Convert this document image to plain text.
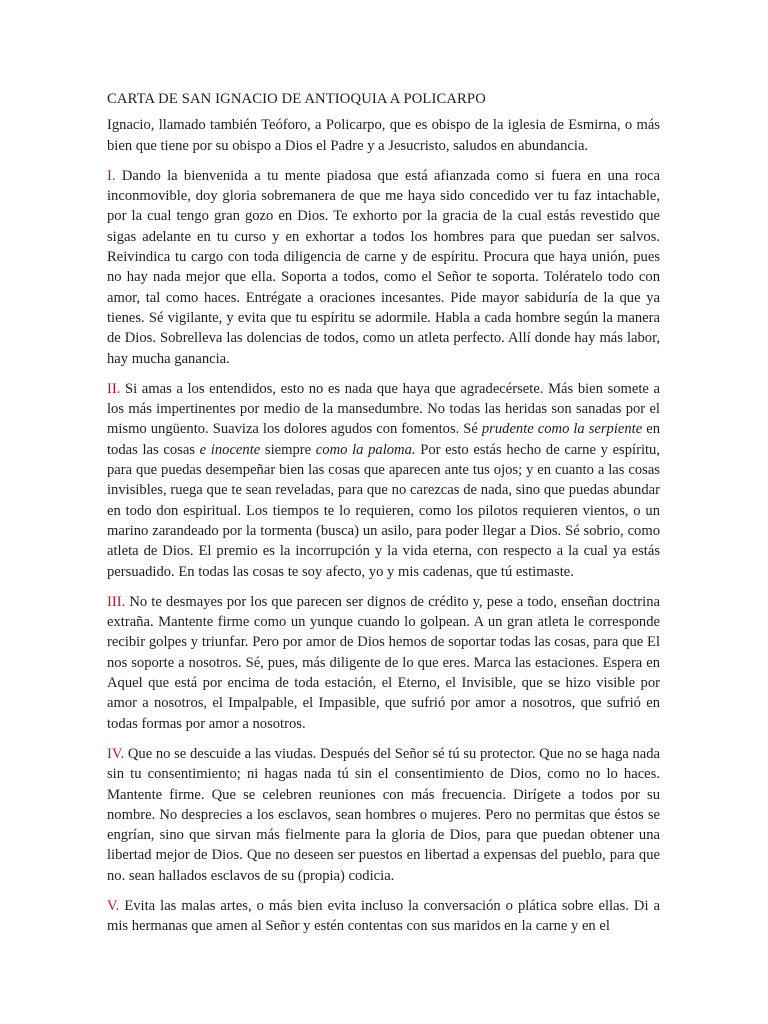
CARTA DE SAN IGNACIO DE ANTIOQUIA A POLICARPO

Ignacio, llamado también Teóforo, a Policarpo, que es obispo de la iglesia de Esmirna, o más bien que tiene por su obispo a Dios el Padre y a Jesucristo, saludos en abundancia.

I. Dando la bienvenida a tu mente piadosa que está afianzada como si fuera en una roca inconmovible, doy gloria sobremanera de que me haya sido concedido ver tu faz intachable, por la cual tengo gran gozo en Dios. Te exhorto por la gracia de la cual estás revestido que sigas adelante en tu curso y en exhortar a todos los hombres para que puedan ser salvos. Reivindica tu cargo con toda diligencia de carne y de espíritu. Procura que haya unión, pues no hay nada mejor que ella. Soporta a todos, como el Señor te soporta. Tolératelo todo con amor, tal como haces. Entrégate a oraciones incesantes. Pide mayor sabiduría de la que ya tienes. Sé vigilante, y evita que tu espíritu se adormile. Habla a cada hombre según la manera de Dios. Sobrelleva las dolencias de todos, como un atleta perfecto. Allí donde hay más labor, hay mucha ganancia.

II. Si amas a los entendidos, esto no es nada que haya que agradecérsete. Más bien somete a los más impertinentes por medio de la mansedumbre. No todas las heridas son sanadas por el mismo ungüento. Suaviza los dolores agudos con fomentos. Sé prudente como la serpiente en todas las cosas e inocente siempre como la paloma. Por esto estás hecho de carne y espíritu, para que puedas desempeñar bien las cosas que aparecen ante tus ojos; y en cuanto a las cosas invisibles, ruega que te sean reveladas, para que no carezcas de nada, sino que puedas abundar en todo don espiritual. Los tiempos te lo requieren, como los pilotos requieren vientos, o un marino zarandeado por la tormenta (busca) un asilo, para poder llegar a Dios. Sé sobrio, como atleta de Dios. El premio es la incorrupción y la vida eterna, con respecto a la cual ya estás persuadido. En todas las cosas te soy afecto, yo y mis cadenas, que tú estimaste.

III. No te desmayes por los que parecen ser dignos de crédito y, pese a todo, enseñan doctrina extraña. Mantente firme como un yunque cuando lo golpean. A un gran atleta le corresponde recibir golpes y triunfar. Pero por amor de Dios hemos de soportar todas las cosas, para que El nos soporte a nosotros. Sé, pues, más diligente de lo que eres. Marca las estaciones. Espera en Aquel que está por encima de toda estación, el Eterno, el Invisible, que se hizo visible por amor a nosotros, el Impalpable, el Impasible, que sufrió por amor a nosotros, que sufrió en todas formas por amor a nosotros.

IV. Que no se descuide a las viudas. Después del Señor sé tú su protector. Que no se haga nada sin tu consentimiento; ni hagas nada tú sin el consentimiento de Dios, como no lo haces. Mantente firme. Que se celebren reuniones con más frecuencia. Dirígete a todos por su nombre. No desprecies a los esclavos, sean hombres o mujeres. Pero no permitas que éstos se engrían, sino que sirvan más fielmente para la gloria de Dios, para que puedan obtener una libertad mejor de Dios. Que no deseen ser puestos en libertad a expensas del pueblo, para que no. sean hallados esclavos de su (propia) codicia.

V. Evita las malas artes, o más bien evita incluso la conversación o plática sobre ellas. Di a mis hermanas que amen al Señor y estén contentas con sus maridos en la carne y en el
